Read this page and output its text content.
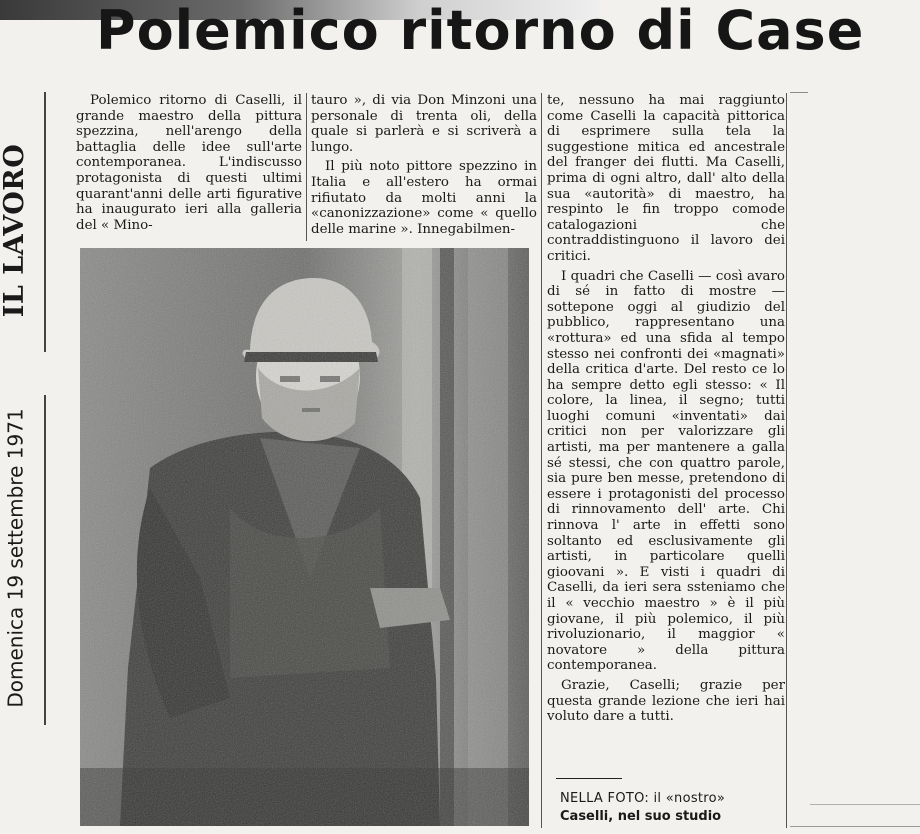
Polemico ritorno di Case
IL LAVORO
Domenica 19 settembre 1971

Polemico ritorno di Caselli, il grande maestro della pittura spezzina, nell'arengo della battaglia delle idee sull'arte contemporanea. L'indiscusso protagonista di questi ultimi quarant'anni delle arti figurative ha inaugurato ieri alla galleria del « Mino-

tauro », di via Don Minzoni una personale di trenta oli, della quale si parlerà e si scriverà a lungo.

Il più noto pittore spezzino in Italia e all'estero ha ormai rifiutato da molti anni la «canonizzazione» come « quello delle marine ». Innegabilmen-

te, nessuno ha mai raggiunto come Caselli la capacità pittorica di esprimere sulla tela la suggestione mitica ed ancestrale del franger dei flutti. Ma Caselli, prima di ogni altro, dall' alto della sua «autorità» di maestro, ha respinto le fin troppo comode catalogazioni che contraddistinguono il lavoro dei critici.

I quadri che Caselli — così avaro di sé in fatto di mostre — sottepone oggi al giudizio del pubblico, rappresentano una «rottura» ed una sfida al tempo stesso nei confronti dei «magnati» della critica d'arte. Del resto ce lo ha sempre detto egli stesso: « Il colore, la linea, il segno; tutti luoghi comuni «inventati» dai critici non per valorizzare gli artisti, ma per mantenere a galla sé stessi, che con quattro parole, sia pure ben messe, pretendono di essere i protagonisti del processo di rinnovamento dell' arte. Chi rinnova l' arte in effetti sono soltanto ed esclusivamente gli artisti, in particolare quelli gioovani ». E visti i quadri di Caselli, da ieri sera ssteniamo che il « vecchio maestro » è il più giovane, il più polemico, il più rivoluzionario, il maggior « novatore » della pittura contemporanea.

Grazie, Caselli; grazie per questa grande lezione che ieri hai voluto dare a tutti.

NELLA FOTO: il «nostro»
Caselli, nel suo studio
